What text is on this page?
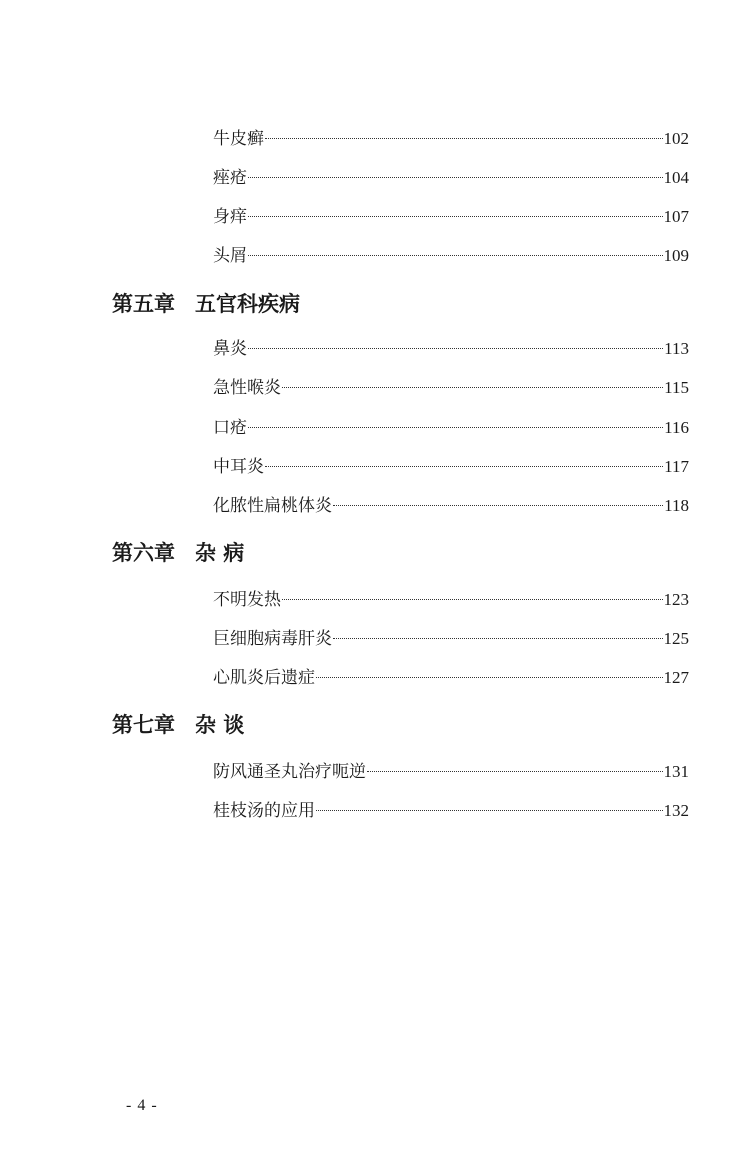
牛皮癣	102
痤疮	104
身痒	107
头屑	109
第五章 五官科疾病
鼻炎	113
急性喉炎	115
口疮	116
中耳炎	117
化脓性扁桃体炎	118
第六章 杂 病
不明发热	123
巨细胞病毒肝炎	125
心肌炎后遗症	127
第七章 杂 谈
防风通圣丸治疗呃逆	131
桂枝汤的应用	132
- 4 -
